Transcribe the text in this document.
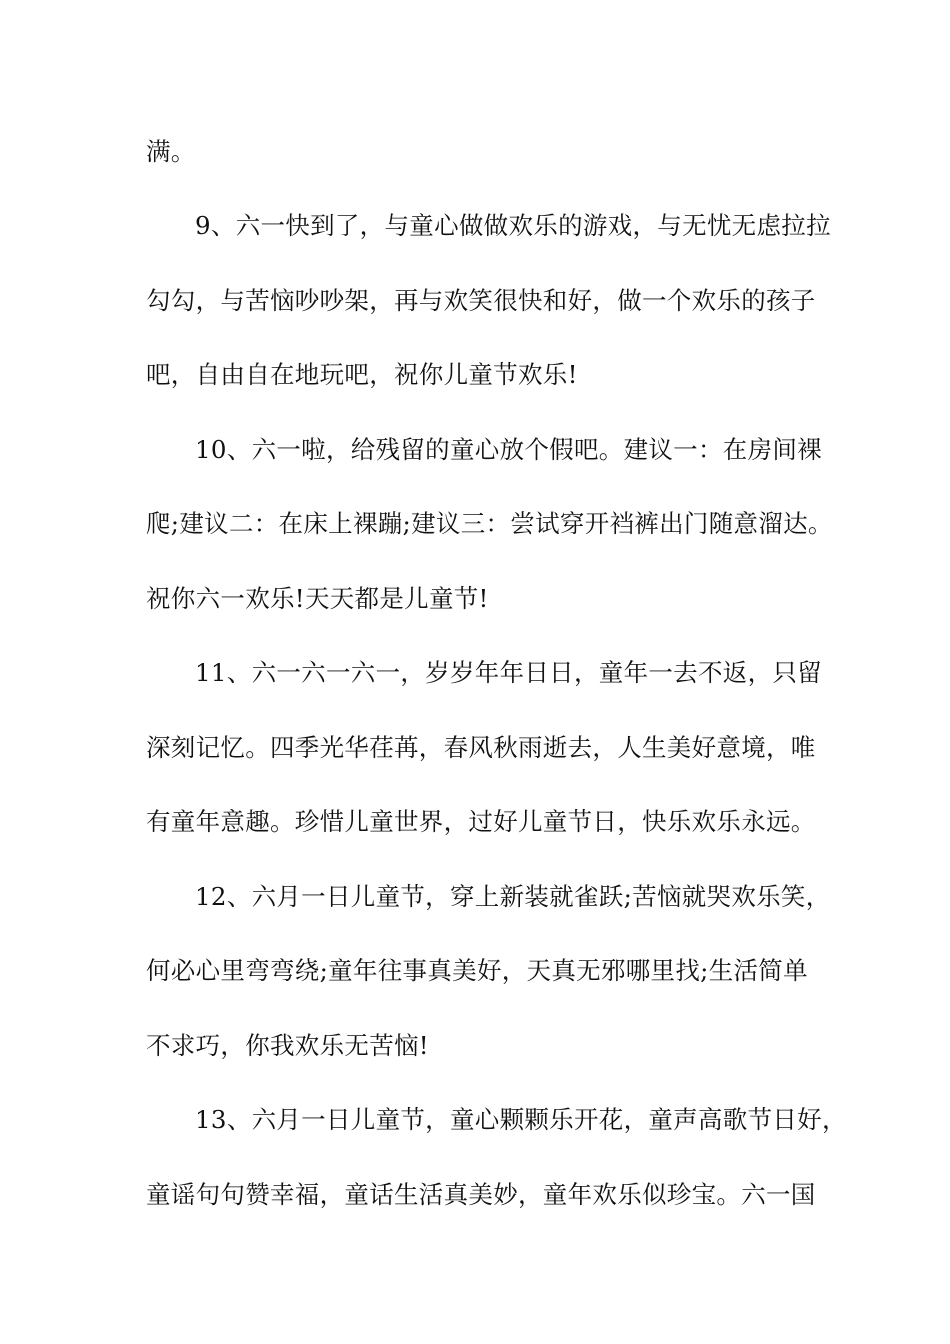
满。
9、六一快到了，与童心做做欢乐的游戏，与无忧无虑拉拉
勾勾，与苦恼吵吵架，再与欢笑很快和好，做一个欢乐的孩子
吧，自由自在地玩吧，祝你儿童节欢乐!
10、六一啦，给残留的童心放个假吧。建议一：在房间裸
爬;建议二：在床上裸蹦;建议三：尝试穿开裆裤出门随意溜达。
祝你六一欢乐!天天都是儿童节!
11、六一六一六一，岁岁年年日日，童年一去不返，只留
深刻记忆。四季光华荏苒，春风秋雨逝去，人生美好意境，唯
有童年意趣。珍惜儿童世界，过好儿童节日，快乐欢乐永远。
12、六月一日儿童节，穿上新装就雀跃;苦恼就哭欢乐笑，
何必心里弯弯绕;童年往事真美好，天真无邪哪里找;生活简单
不求巧，你我欢乐无苦恼!
13、六月一日儿童节，童心颗颗乐开花，童声高歌节日好，
童谣句句赞幸福，童话生活真美妙，童年欢乐似珍宝。六一国
